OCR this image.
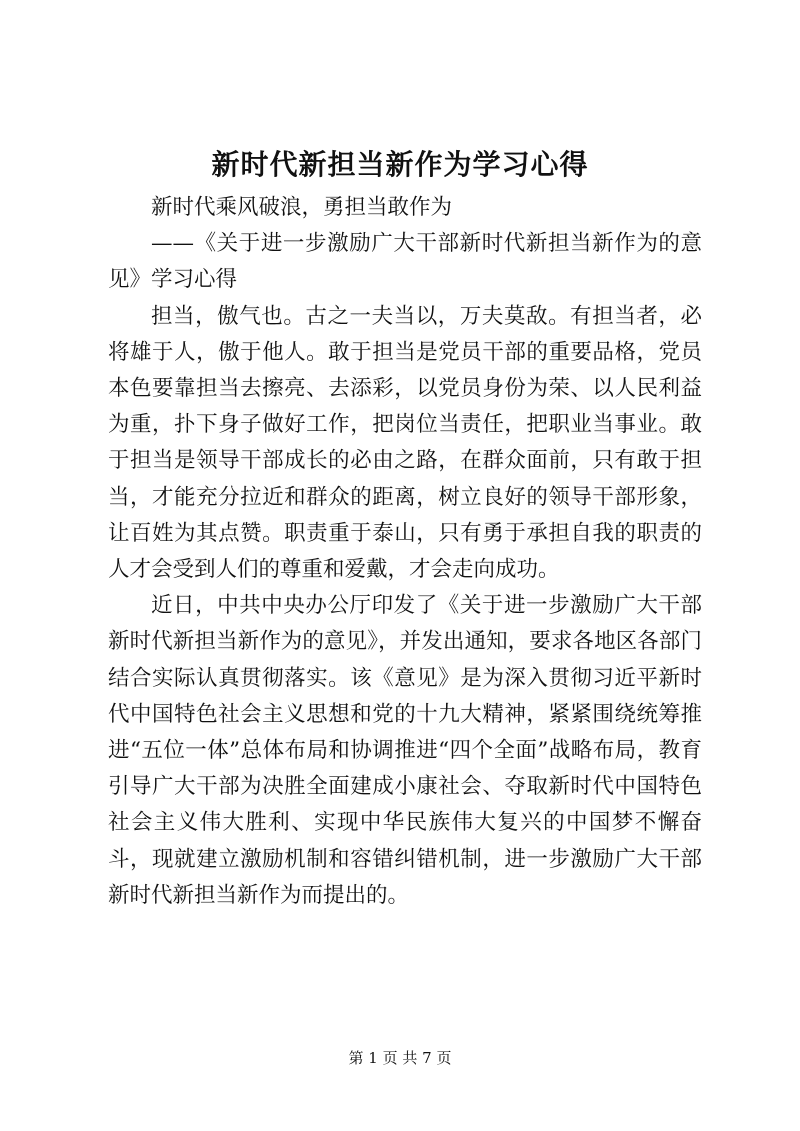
新时代新担当新作为学习心得

新时代乘风破浪，勇担当敢作为

——《关于进一步激励广大干部新时代新担当新作为的意见》学习心得

担当，傲气也。古之一夫当以，万夫莫敌。有担当者，必将雄于人，傲于他人。敢于担当是党员干部的重要品格，党员本色要靠担当去擦亮、去添彩，以党员身份为荣、以人民利益为重，扑下身子做好工作，把岗位当责任，把职业当事业。敢于担当是领导干部成长的必由之路，在群众面前，只有敢于担当，才能充分拉近和群众的距离，树立良好的领导干部形象，让百姓为其点赞。职责重于泰山，只有勇于承担自我的职责的人才会受到人们的尊重和爱戴，才会走向成功。

近日，中共中央办公厅印发了《关于进一步激励广大干部新时代新担当新作为的意见》，并发出通知，要求各地区各部门结合实际认真贯彻落实。该《意见》是为深入贯彻习近平新时代中国特色社会主义思想和党的十九大精神，紧紧围绕统筹推进“五位一体”总体布局和协调推进“四个全面”战略布局，教育引导广大干部为决胜全面建成小康社会、夺取新时代中国特色社会主义伟大胜利、实现中华民族伟大复兴的中国梦不懈奋斗，现就建立激励机制和容错纠错机制，进一步激励广大干部新时代新担当新作为而提出的。

第 1 页 共 7 页
